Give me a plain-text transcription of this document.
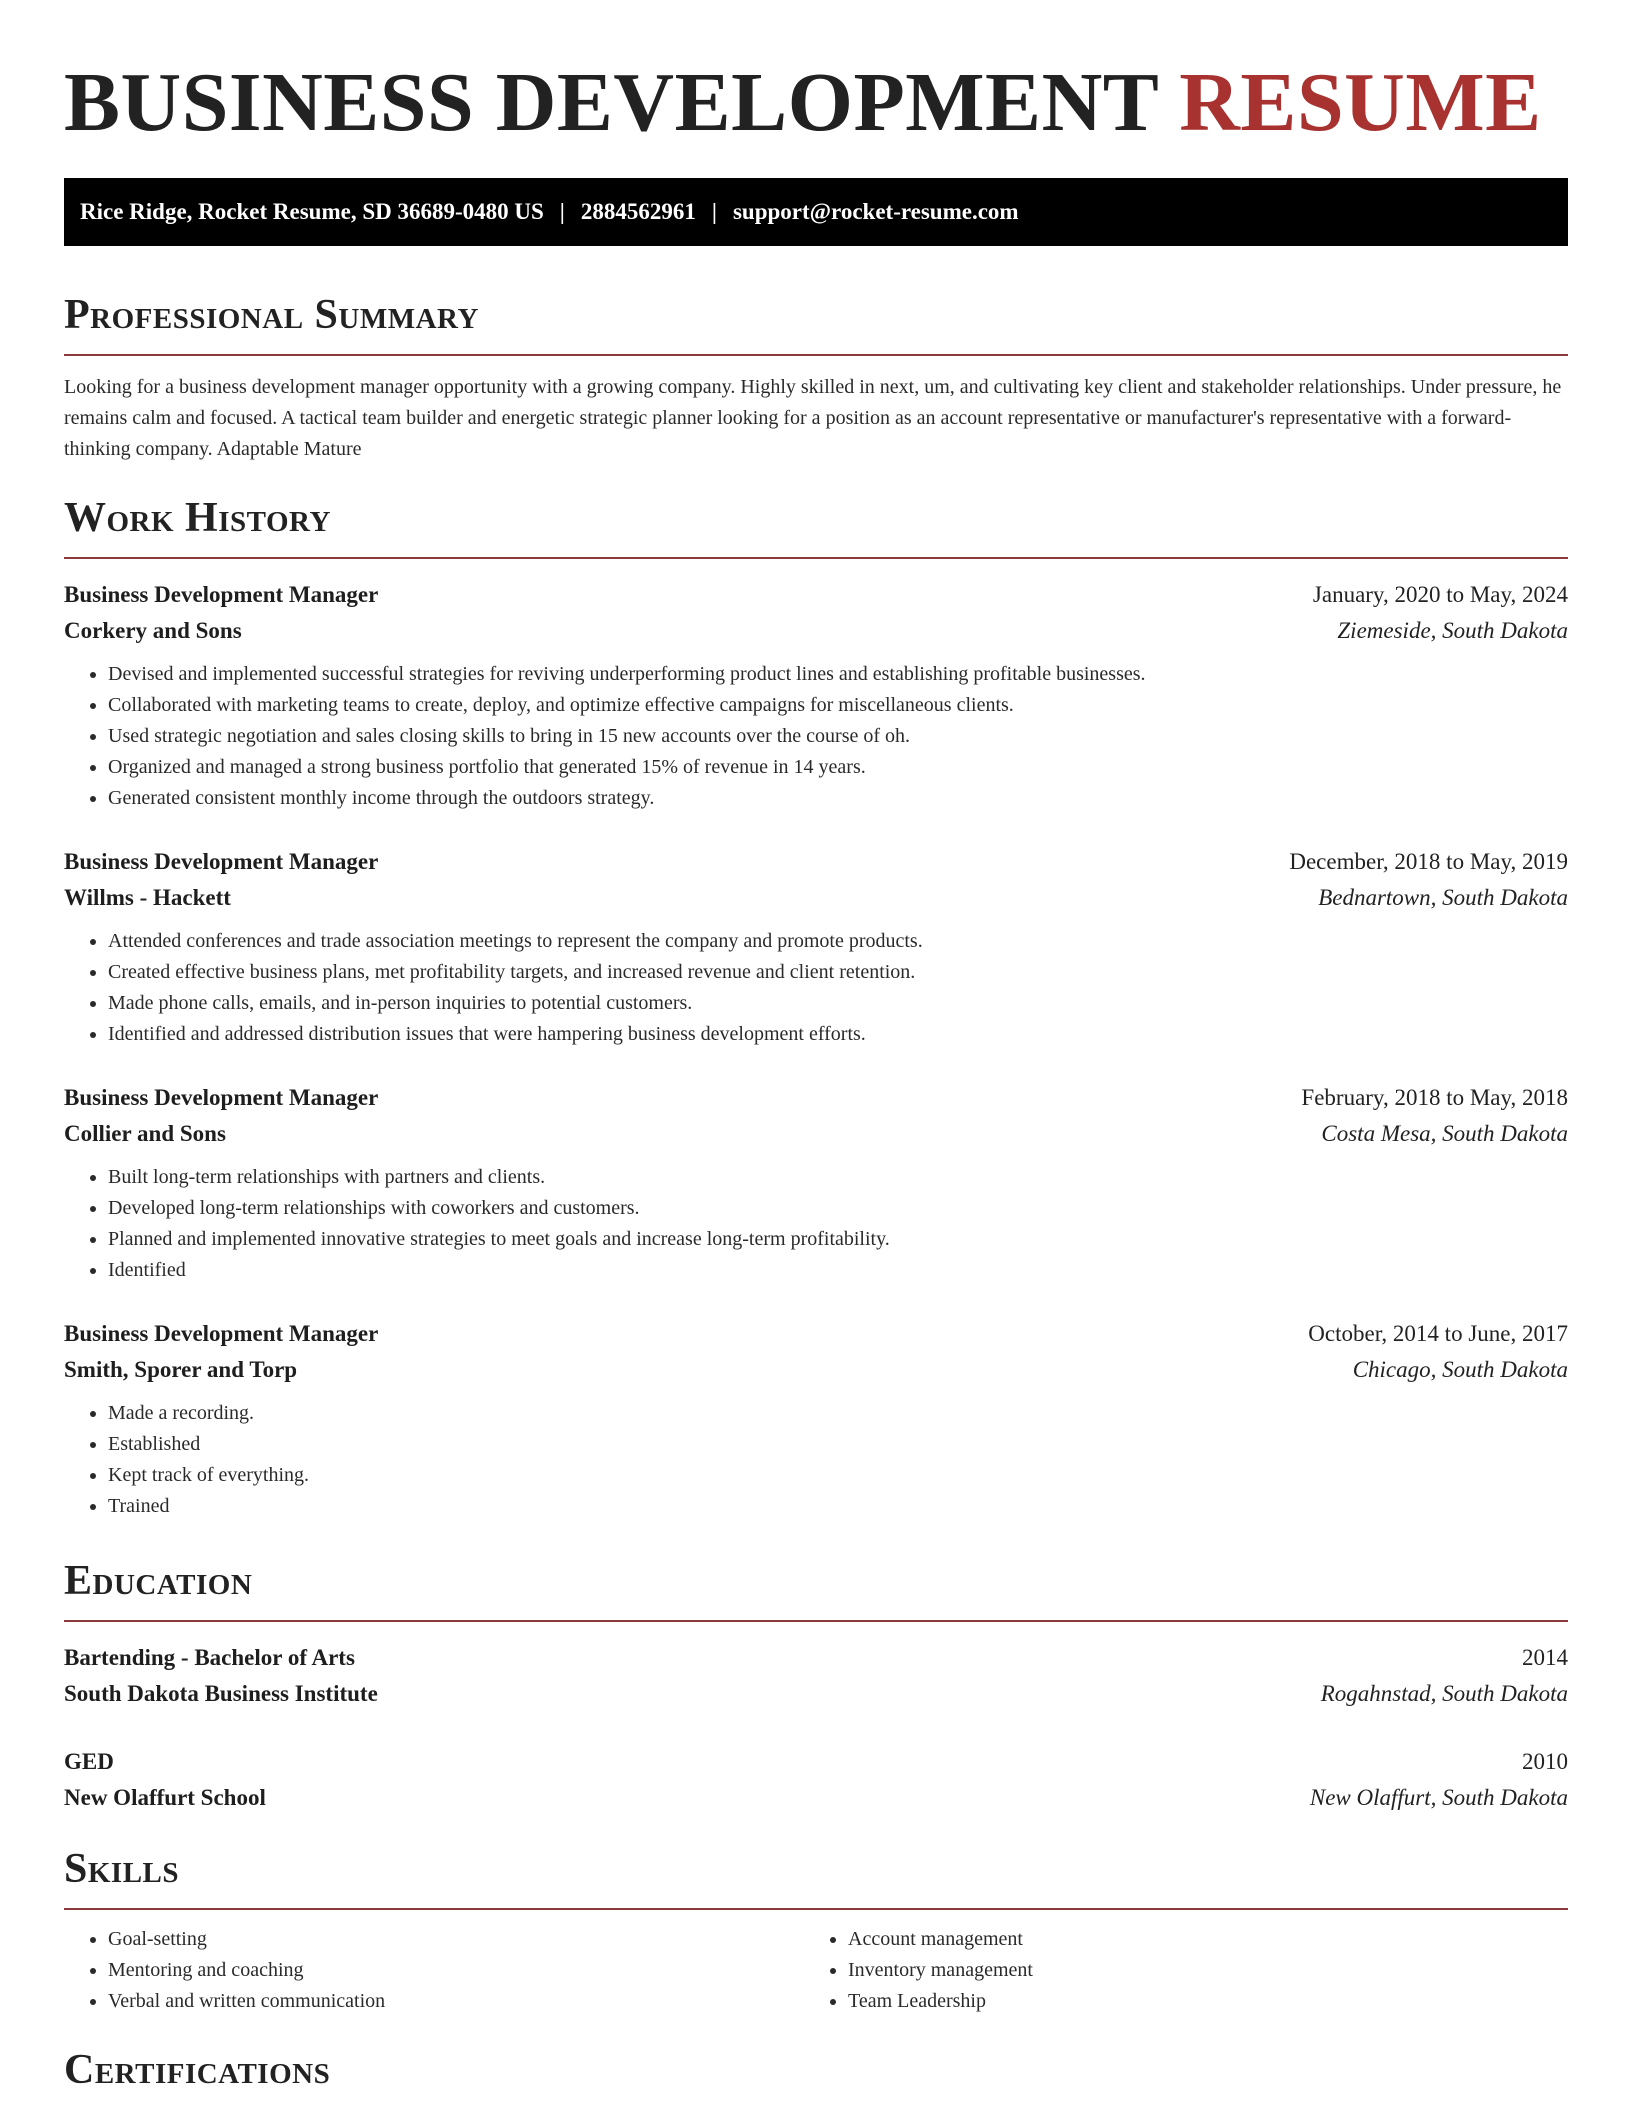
BUSINESS DEVELOPMENT RESUME
Rice Ridge, Rocket Resume, SD 36689-0480 US | 2884562961 | support@rocket-resume.com
Professional Summary
Looking for a business development manager opportunity with a growing company. Highly skilled in next, um, and cultivating key client and stakeholder relationships. Under pressure, he remains calm and focused. A tactical team builder and energetic strategic planner looking for a position as an account representative or manufacturer's representative with a forward-thinking company. Adaptable Mature
Work History
Business Development Manager	January, 2020 to May, 2024
Corkery and Sons	Ziemeside, South Dakota
• Devised and implemented successful strategies for reviving underperforming product lines and establishing profitable businesses.
• Collaborated with marketing teams to create, deploy, and optimize effective campaigns for miscellaneous clients.
• Used strategic negotiation and sales closing skills to bring in 15 new accounts over the course of oh.
• Organized and managed a strong business portfolio that generated 15% of revenue in 14 years.
• Generated consistent monthly income through the outdoors strategy.
Business Development Manager	December, 2018 to May, 2019
Willms - Hackett	Bednartown, South Dakota
• Attended conferences and trade association meetings to represent the company and promote products.
• Created effective business plans, met profitability targets, and increased revenue and client retention.
• Made phone calls, emails, and in-person inquiries to potential customers.
• Identified and addressed distribution issues that were hampering business development efforts.
Business Development Manager	February, 2018 to May, 2018
Collier and Sons	Costa Mesa, South Dakota
• Built long-term relationships with partners and clients.
• Developed long-term relationships with coworkers and customers.
• Planned and implemented innovative strategies to meet goals and increase long-term profitability.
• Identified
Business Development Manager	October, 2014 to June, 2017
Smith, Sporer and Torp	Chicago, South Dakota
• Made a recording.
• Established
• Kept track of everything.
• Trained
Education
Bartending - Bachelor of Arts	2014
South Dakota Business Institute	Rogahnstad, South Dakota
GED	2010
New Olaffurt School	New Olaffurt, South Dakota
Skills
• Goal-setting
• Mentoring and coaching
• Verbal and written communication
• Account management
• Inventory management
• Team Leadership
Certifications
